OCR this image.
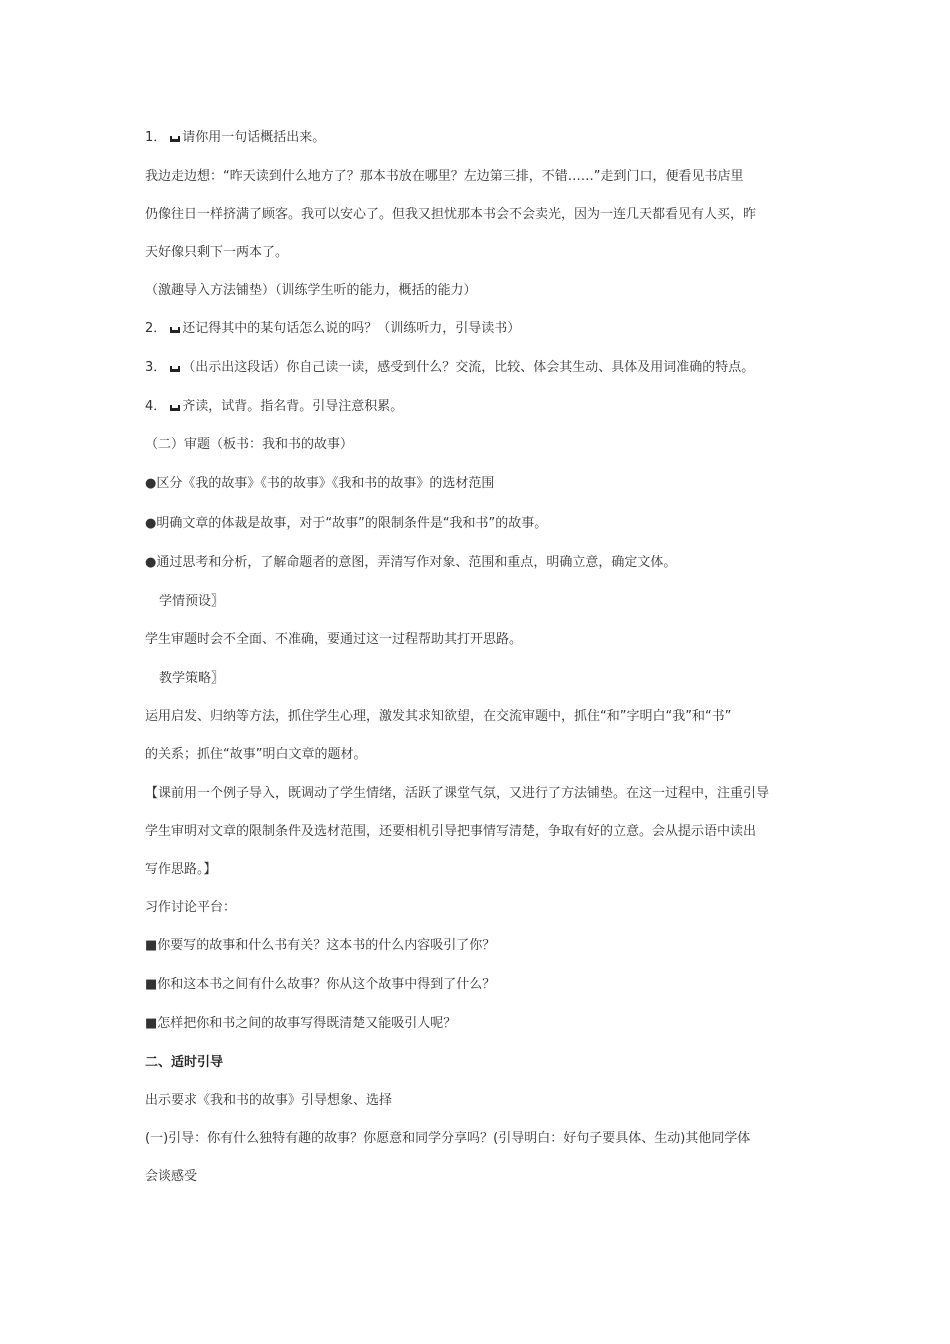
1． 请你用一句话概括出来。
我边走边想：“昨天读到什么地方了？那本书放在哪里？左边第三排，不错……”走到门口，便看见书店里
仍像往日一样挤满了顾客。我可以安心了。但我又担忧那本书会不会卖光，因为一连几天都看见有人买，昨
天好像只剩下一两本了。
（激趣导入方法铺垫）（训练学生听的能力，概括的能力）
2． 还记得其中的某句话怎么说的吗？（训练听力，引导读书）
3． （出示出这段话）你自己读一读，感受到什么？交流，比较、体会其生动、具体及用词准确的特点。
4． 齐读，试背。指名背。引导注意积累。
（二）审题（板书：我和书的故事）
●区分《我的故事》《书的故事》《我和书的故事》的选材范围
●明确文章的体裁是故事，对于“故事”的限制条件是“我和书”的故事。
●通过思考和分析，了解命题者的意图，弄清写作对象、范围和重点，明确立意，确定文体。
学情预设〗
学生审题时会不全面、不准确，要通过这一过程帮助其打开思路。
教学策略〗
运用启发、归纳等方法，抓住学生心理，激发其求知欲望，在交流审题中，抓住“和”字明白“我”和“书”
的关系；抓住“故事”明白文章的题材。
【课前用一个例子导入，既调动了学生情绪，活跃了课堂气氛，又进行了方法铺垫。在这一过程中，注重引导
学生审明对文章的限制条件及选材范围，还要相机引导把事情写清楚，争取有好的立意。会从提示语中读出
写作思路。】
习作讨论平台：
■你要写的故事和什么书有关？这本书的什么内容吸引了你？
■你和这本书之间有什么故事？你从这个故事中得到了什么？
■怎样把你和书之间的故事写得既清楚又能吸引人呢？
二、适时引导
出示要求《我和书的故事》引导想象、选择
(一)引导：你有什么独特有趣的故事？你愿意和同学分享吗？(引导明白：好句子要具体、生动)其他同学体
会谈感受
